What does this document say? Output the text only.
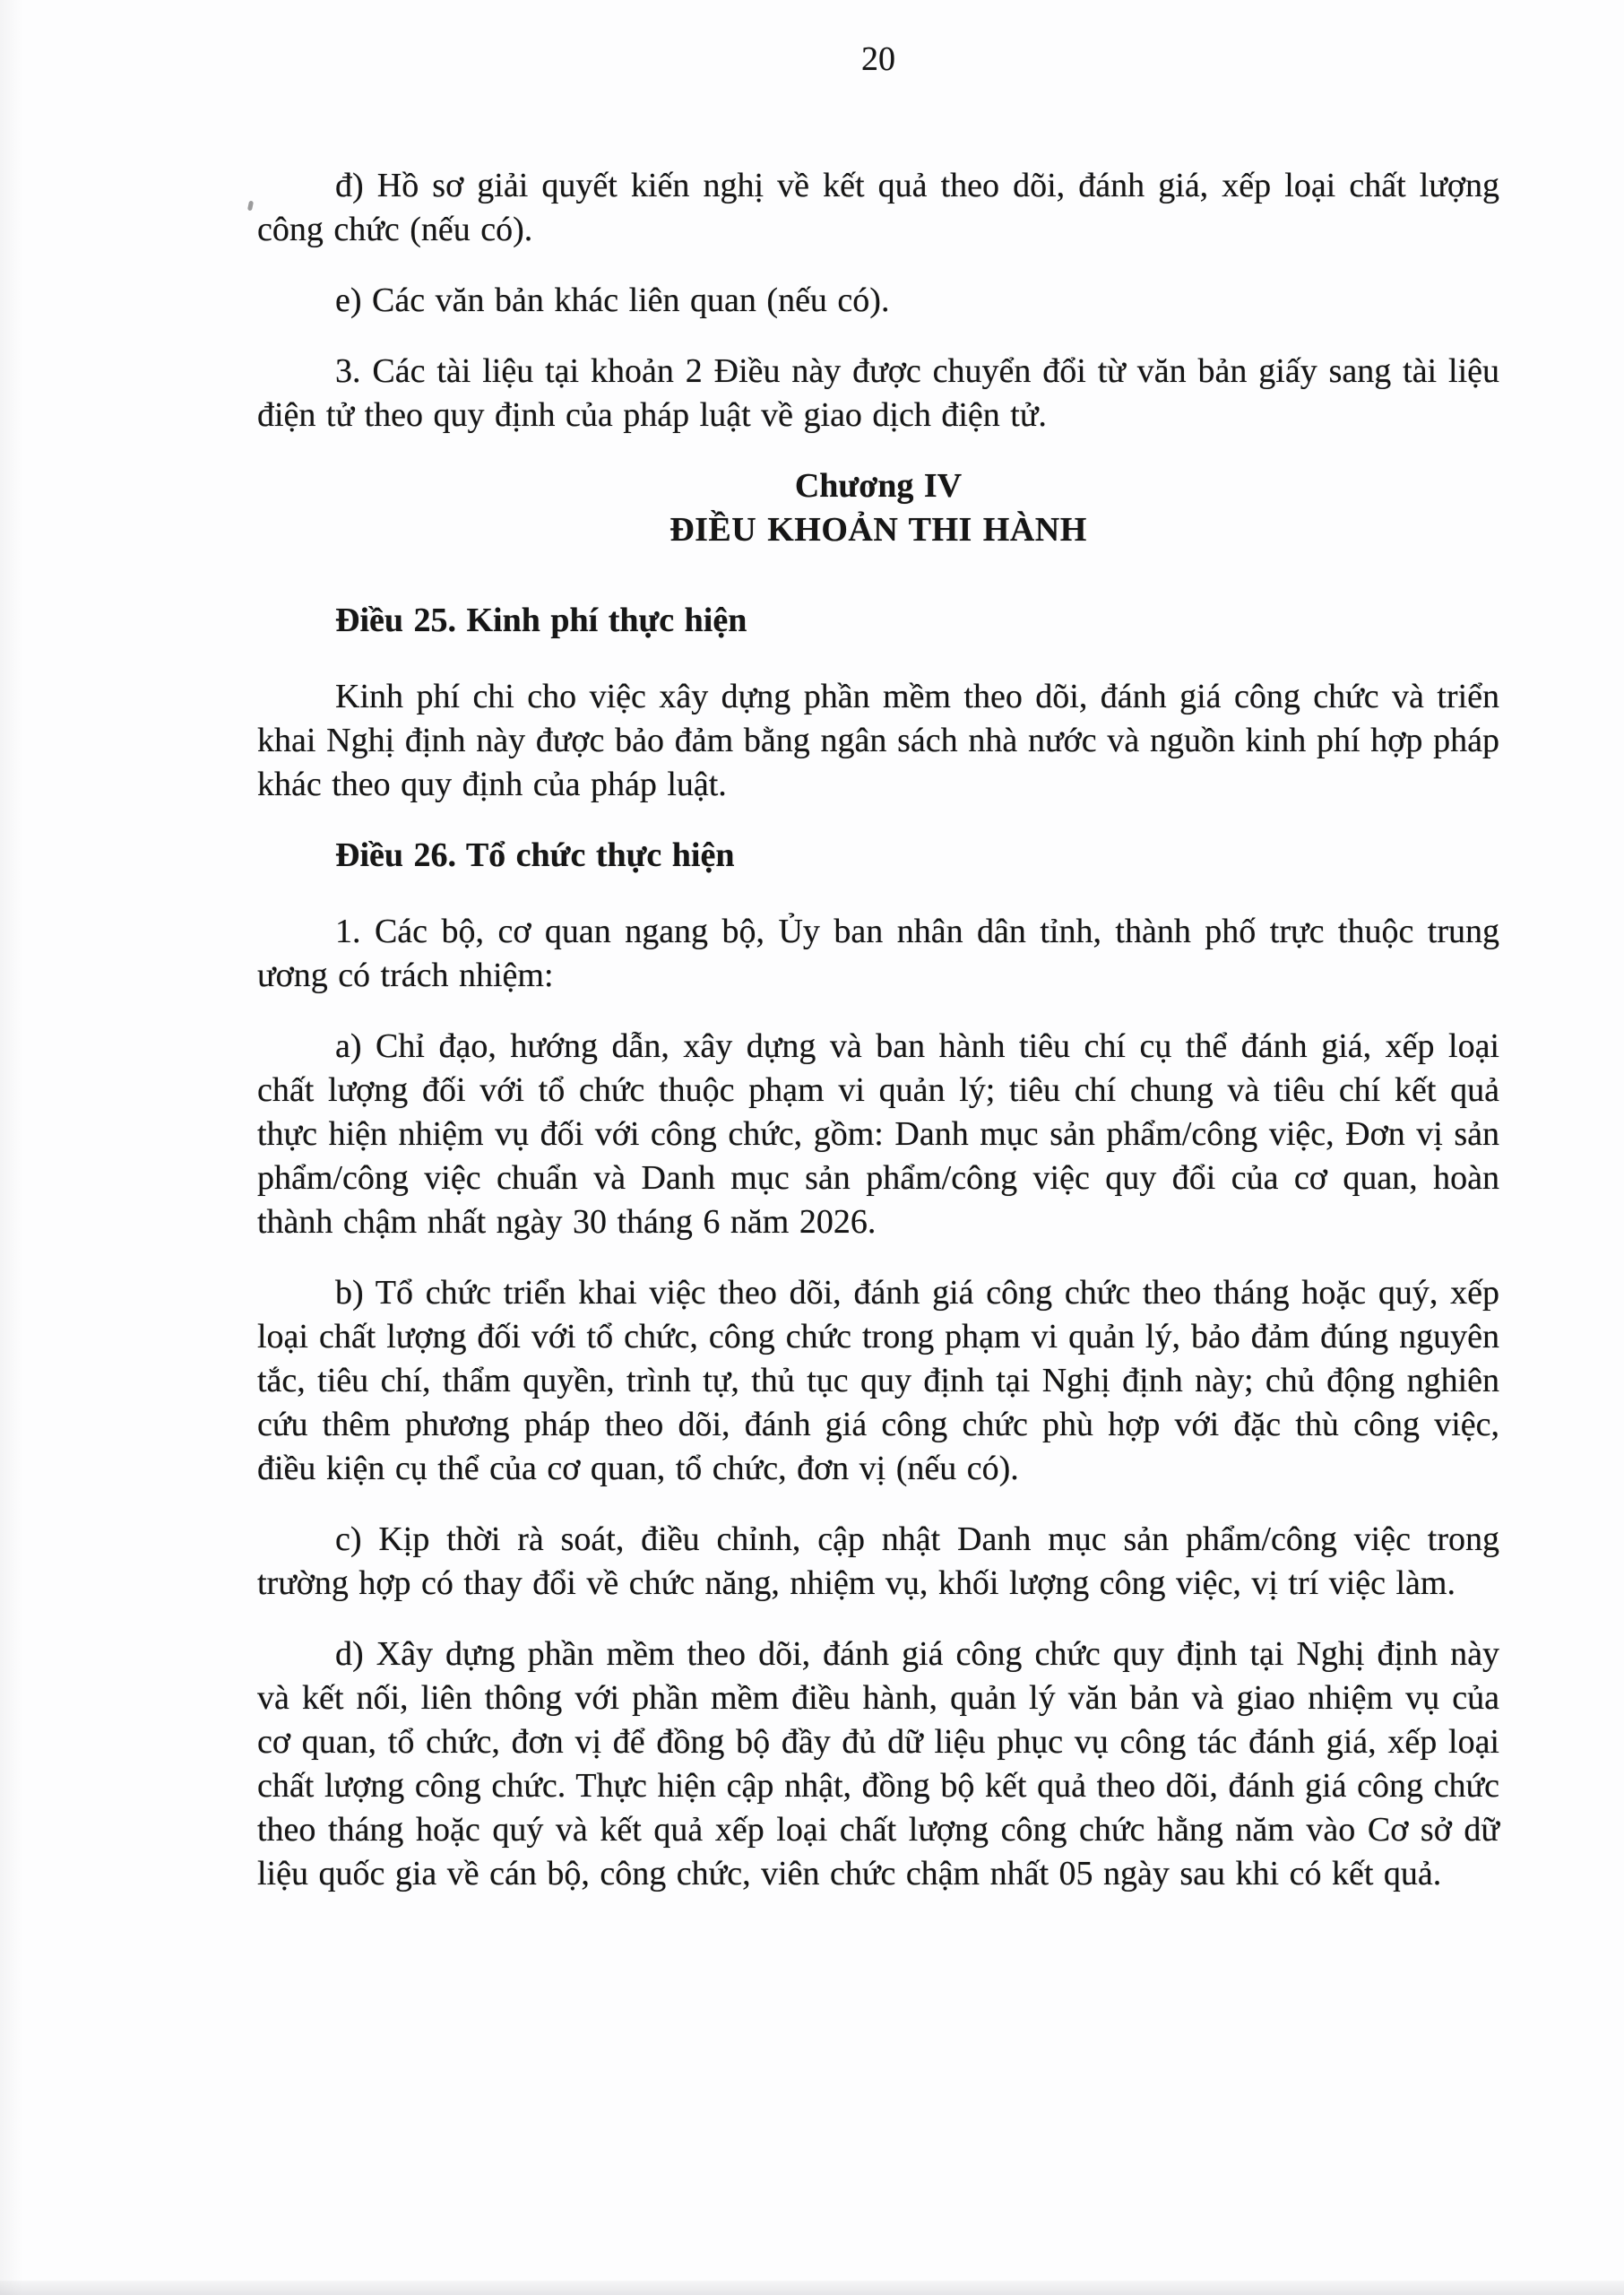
20

đ) Hồ sơ giải quyết kiến nghị về kết quả theo dõi, đánh giá, xếp loại chất lượng công chức (nếu có).

e) Các văn bản khác liên quan (nếu có).

3. Các tài liệu tại khoản 2 Điều này được chuyển đổi từ văn bản giấy sang tài liệu điện tử theo quy định của pháp luật về giao dịch điện tử.

Chương IV

ĐIỀU KHOẢN THI HÀNH

Điều 25. Kinh phí thực hiện

Kinh phí chi cho việc xây dựng phần mềm theo dõi, đánh giá công chức và triển khai Nghị định này được bảo đảm bằng ngân sách nhà nước và nguồn kinh phí hợp pháp khác theo quy định của pháp luật.

Điều 26. Tổ chức thực hiện

1. Các bộ, cơ quan ngang bộ, Ủy ban nhân dân tỉnh, thành phố trực thuộc trung ương có trách nhiệm:

a) Chỉ đạo, hướng dẫn, xây dựng và ban hành tiêu chí cụ thể đánh giá, xếp loại chất lượng đối với tổ chức thuộc phạm vi quản lý; tiêu chí chung và tiêu chí kết quả thực hiện nhiệm vụ đối với công chức, gồm: Danh mục sản phẩm/công việc, Đơn vị sản phẩm/công việc chuẩn và Danh mục sản phẩm/công việc quy đổi của cơ quan, hoàn thành chậm nhất ngày 30 tháng 6 năm 2026.

b) Tổ chức triển khai việc theo dõi, đánh giá công chức theo tháng hoặc quý, xếp loại chất lượng đối với tổ chức, công chức trong phạm vi quản lý, bảo đảm đúng nguyên tắc, tiêu chí, thẩm quyền, trình tự, thủ tục quy định tại Nghị định này; chủ động nghiên cứu thêm phương pháp theo dõi, đánh giá công chức phù hợp với đặc thù công việc, điều kiện cụ thể của cơ quan, tổ chức, đơn vị (nếu có).

c) Kịp thời rà soát, điều chỉnh, cập nhật Danh mục sản phẩm/công việc trong trường hợp có thay đổi về chức năng, nhiệm vụ, khối lượng công việc, vị trí việc làm.

d) Xây dựng phần mềm theo dõi, đánh giá công chức quy định tại Nghị định này và kết nối, liên thông với phần mềm điều hành, quản lý văn bản và giao nhiệm vụ của cơ quan, tổ chức, đơn vị để đồng bộ đầy đủ dữ liệu phục vụ công tác đánh giá, xếp loại chất lượng công chức. Thực hiện cập nhật, đồng bộ kết quả theo dõi, đánh giá công chức theo tháng hoặc quý và kết quả xếp loại chất lượng công chức hằng năm vào Cơ sở dữ liệu quốc gia về cán bộ, công chức, viên chức chậm nhất 05 ngày sau khi có kết quả.
